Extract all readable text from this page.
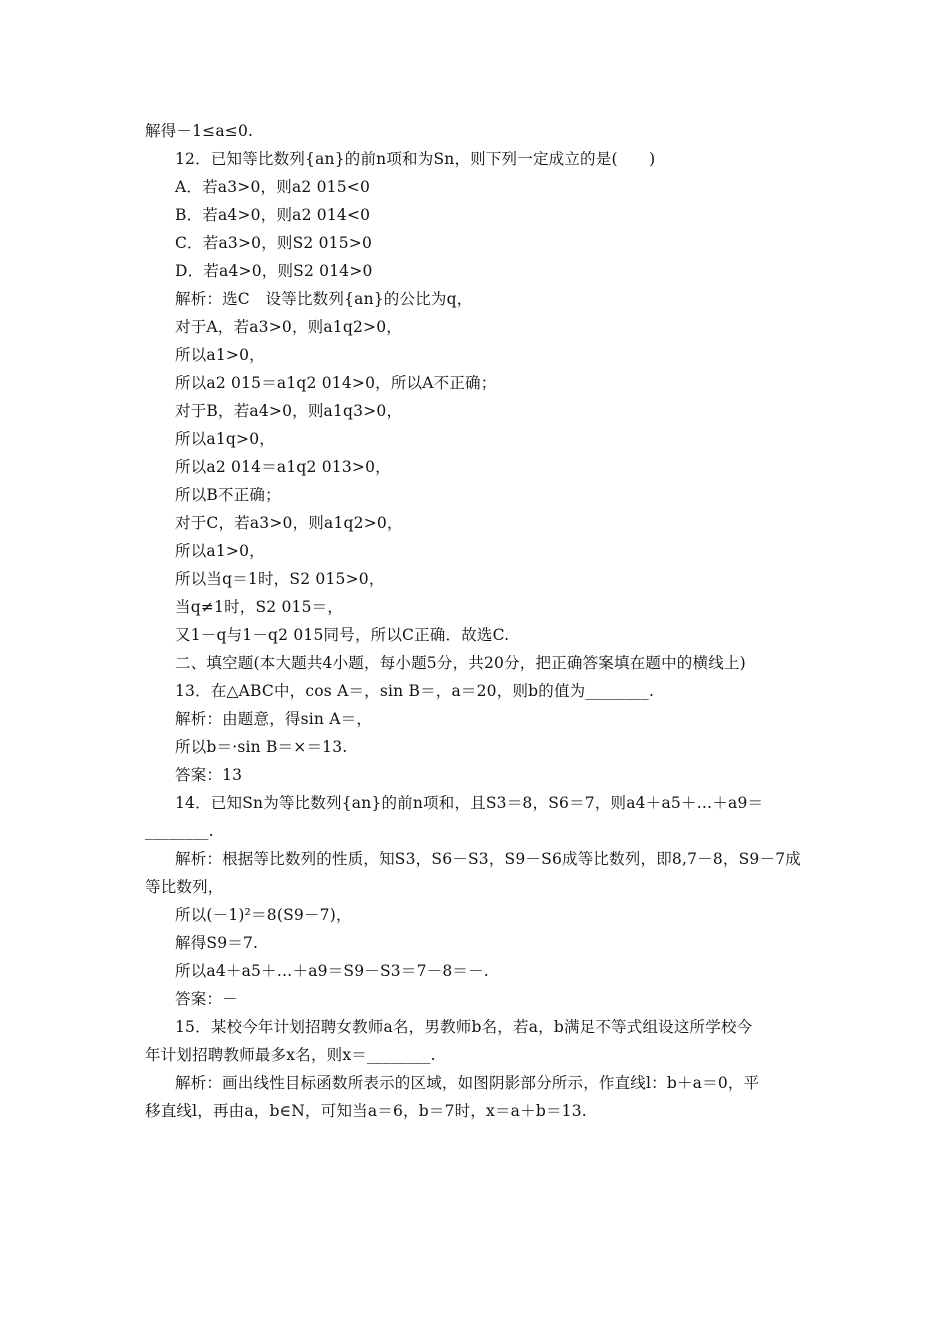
解得－1≤a≤0.
12．已知等比数列{an}的前n项和为Sn，则下列一定成立的是(　　)
A．若a3>0，则a2 015<0
B．若a4>0，则a2 014<0
C．若a3>0，则S2 015>0
D．若a4>0，则S2 014>0
解析：选C　设等比数列{an}的公比为q，
对于A，若a3>0，则a1q2>0，
所以a1>0，
所以a2 015＝a1q2 014>0，所以A不正确；
对于B，若a4>0，则a1q3>0，
所以a1q>0，
所以a2 014＝a1q2 013>0，
所以B不正确；
对于C，若a3>0，则a1q2>0，
所以a1>0，
所以当q＝1时，S2 015>0，
当q≠1时，S2 015＝，
又1－q与1－q2 015同号，所以C正确．故选C.
二、填空题(本大题共4小题，每小题5分，共20分，把正确答案填在题中的横线上)
13．在△ABC中，cos A＝，sin B＝，a＝20，则b的值为________.
解析：由题意，得sin A＝，
所以b＝·sin B＝×＝13.
答案：13
14．已知Sn为等比数列{an}的前n项和，且S3＝8，S6＝7，则a4＋a5＋…＋a9＝
________.
解析：根据等比数列的性质，知S3，S6－S3，S9－S6成等比数列，即8,7－8，S9－7成
等比数列，
所以(－1)²＝8(S9－7)，
解得S9＝7.
所以a4＋a5＋…＋a9＝S9－S3＝7－8＝－.
答案：－
15．某校今年计划招聘女教师a名，男教师b名，若a，b满足不等式组设这所学校今
年计划招聘教师最多x名，则x＝________.
解析：画出线性目标函数所表示的区域，如图阴影部分所示，作直线l：b＋a＝0，平
移直线l，再由a，b∈N，可知当a＝6，b＝7时，x＝a＋b＝13.
